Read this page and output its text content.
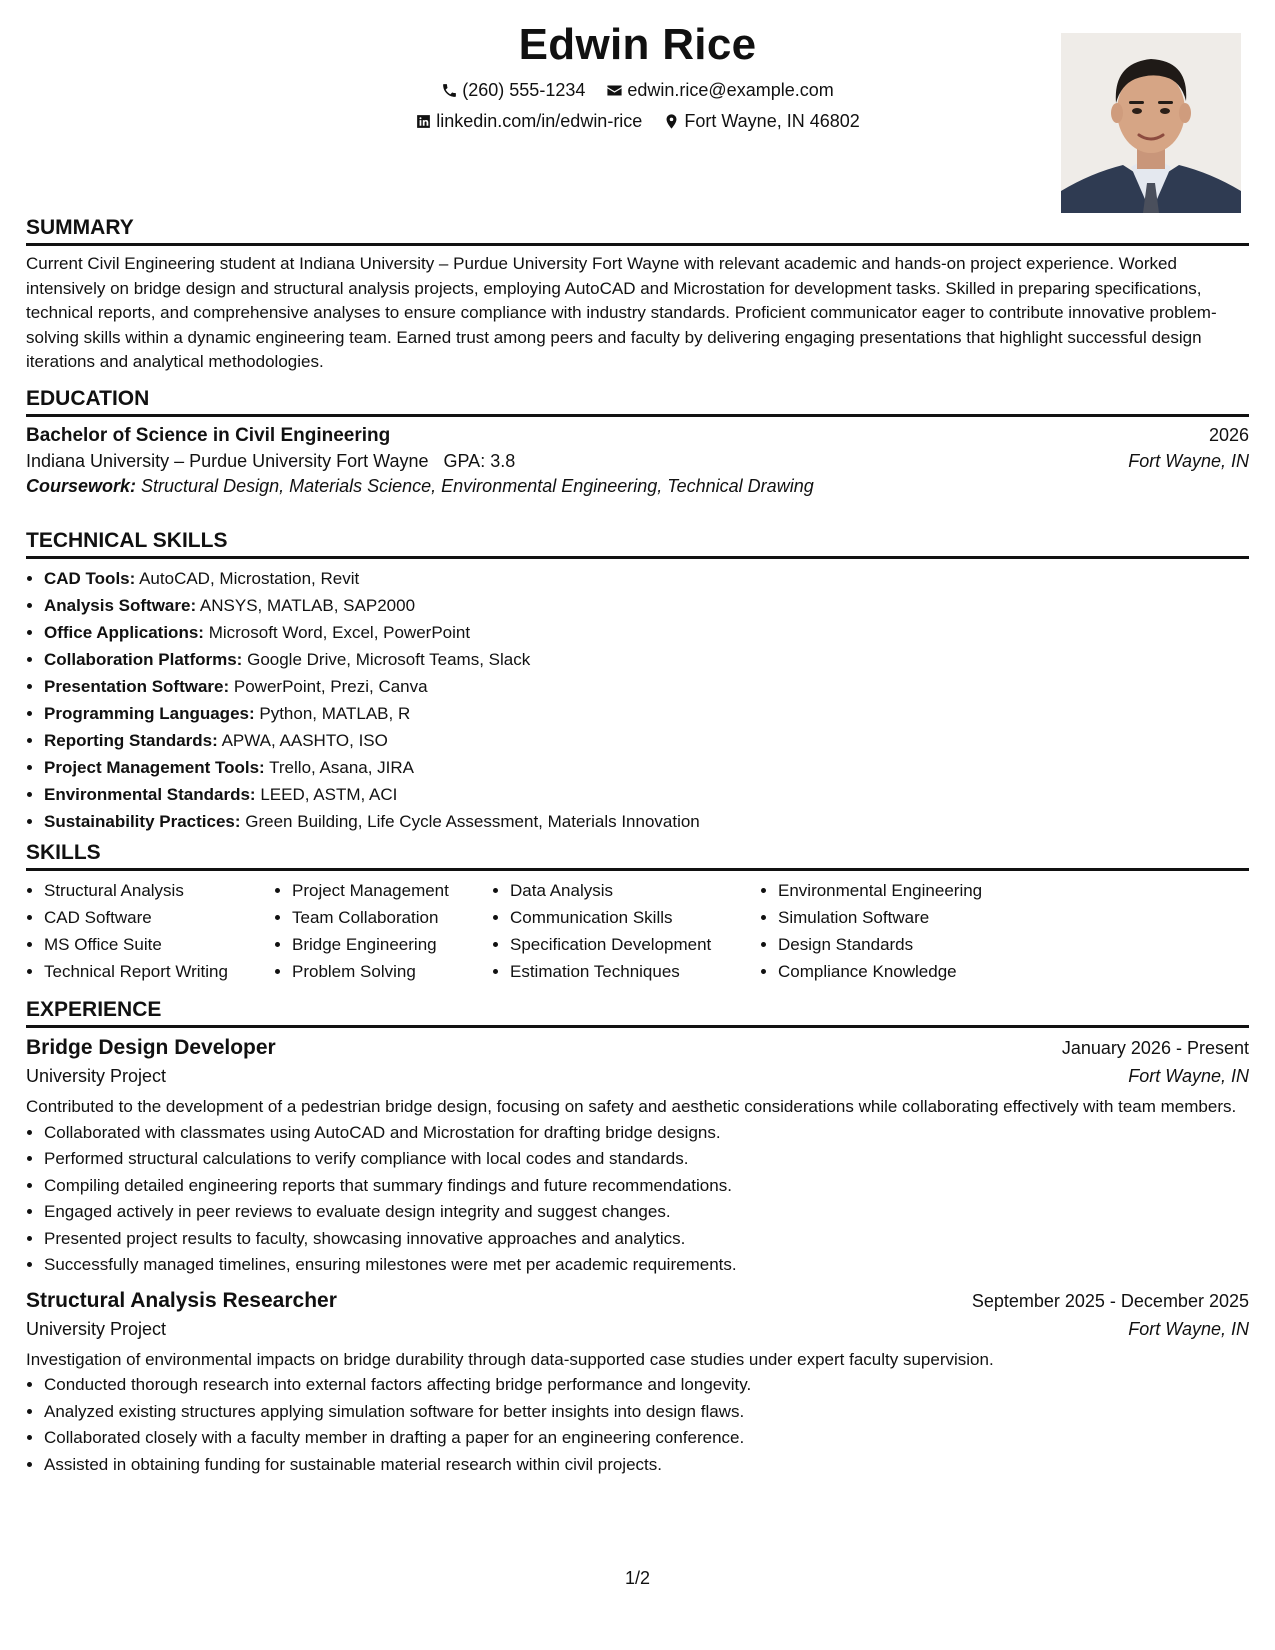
Edwin Rice
(260) 555-1234
edwin.rice@example.com
linkedin.com/in/edwin-rice
Fort Wayne, IN 46802
SUMMARY
Current Civil Engineering student at Indiana University – Purdue University Fort Wayne with relevant academic and hands-on project experience. Worked intensively on bridge design and structural analysis projects, employing AutoCAD and Microstation for development tasks. Skilled in preparing specifications, technical reports, and comprehensive analyses to ensure compliance with industry standards. Proficient communicator eager to contribute innovative problem-solving skills within a dynamic engineering team. Earned trust among peers and faculty by delivering engaging presentations that highlight successful design iterations and analytical methodologies.
EDUCATION
Bachelor of Science in Civil Engineering	2026
Indiana University – Purdue University Fort Wayne GPA: 3.8	Fort Wayne, IN
Coursework: Structural Design, Materials Science, Environmental Engineering, Technical Drawing
TECHNICAL SKILLS
• CAD Tools: AutoCAD, Microstation, Revit
• Analysis Software: ANSYS, MATLAB, SAP2000
• Office Applications: Microsoft Word, Excel, PowerPoint
• Collaboration Platforms: Google Drive, Microsoft Teams, Slack
• Presentation Software: PowerPoint, Prezi, Canva
• Programming Languages: Python, MATLAB, R
• Reporting Standards: APWA, AASHTO, ISO
• Project Management Tools: Trello, Asana, JIRA
• Environmental Standards: LEED, ASTM, ACI
• Sustainability Practices: Green Building, Life Cycle Assessment, Materials Innovation
SKILLS
• Structural Analysis
• CAD Software
• MS Office Suite
• Technical Report Writing
• Project Management
• Team Collaboration
• Bridge Engineering
• Problem Solving
• Data Analysis
• Communication Skills
• Specification Development
• Estimation Techniques
• Environmental Engineering
• Simulation Software
• Design Standards
• Compliance Knowledge
EXPERIENCE
Bridge Design Developer	January 2026 - Present
University Project	Fort Wayne, IN
Contributed to the development of a pedestrian bridge design, focusing on safety and aesthetic considerations while collaborating effectively with team members.
• Collaborated with classmates using AutoCAD and Microstation for drafting bridge designs.
• Performed structural calculations to verify compliance with local codes and standards.
• Compiling detailed engineering reports that summary findings and future recommendations.
• Engaged actively in peer reviews to evaluate design integrity and suggest changes.
• Presented project results to faculty, showcasing innovative approaches and analytics.
• Successfully managed timelines, ensuring milestones were met per academic requirements.
Structural Analysis Researcher	September 2025 - December 2025
University Project	Fort Wayne, IN
Investigation of environmental impacts on bridge durability through data-supported case studies under expert faculty supervision.
• Conducted thorough research into external factors affecting bridge performance and longevity.
• Analyzed existing structures applying simulation software for better insights into design flaws.
• Collaborated closely with a faculty member in drafting a paper for an engineering conference.
• Assisted in obtaining funding for sustainable material research within civil projects.
1/2
